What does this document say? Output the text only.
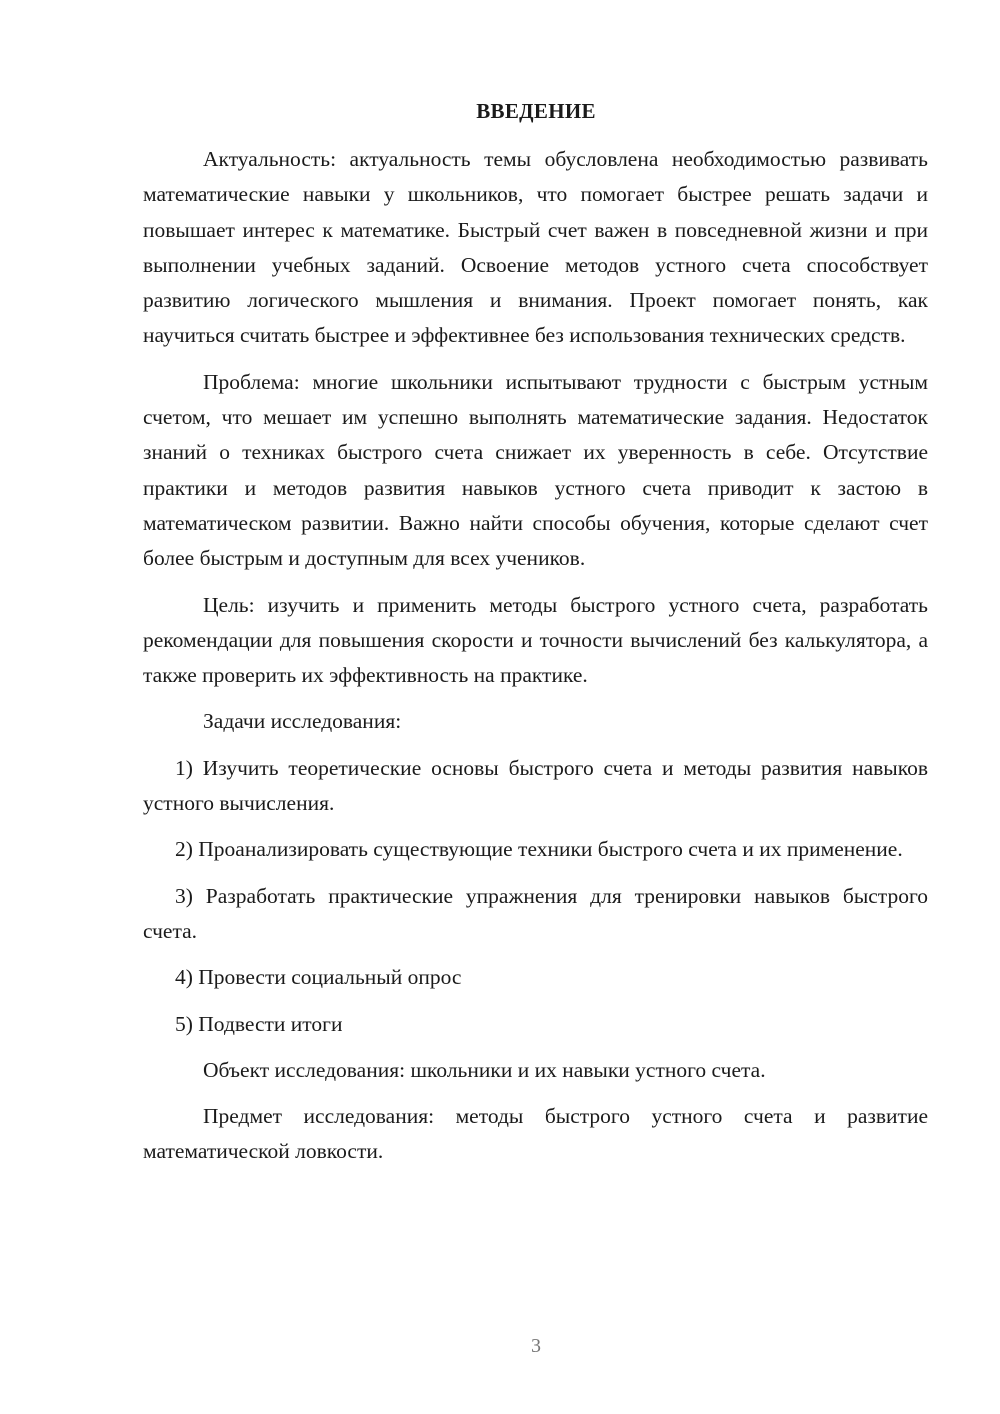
ВВЕДЕНИЕ

Актуальность: актуальность темы обусловлена необходимостью развивать математические навыки у школьников, что помогает быстрее решать задачи и повышает интерес к математике. Быстрый счет важен в повседневной жизни и при выполнении учебных заданий. Освоение методов устного счета способствует развитию логического мышления и внимания. Проект помогает понять, как научиться считать быстрее и эффективнее без использования технических средств.

Проблема: многие школьники испытывают трудности с быстрым устным счетом, что мешает им успешно выполнять математические задания. Недостаток знаний о техниках быстрого счета снижает их уверенность в себе. Отсутствие практики и методов развития навыков устного счета приводит к застою в математическом развитии. Важно найти способы обучения, которые сделают счет более быстрым и доступным для всех учеников.

Цель: изучить и применить методы быстрого устного счета, разработать рекомендации для повышения скорости и точности вычислений без калькулятора, а также проверить их эффективность на практике.

Задачи исследования:

1) Изучить теоретические основы быстрого счета и методы развития навыков устного вычисления.

2) Проанализировать существующие техники быстрого счета и их применение.

3) Разработать практические упражнения для тренировки навыков быстрого счета.

4) Провести социальный опрос

5) Подвести итоги

Объект исследования: школьники и их навыки устного счета.

Предмет исследования: методы быстрого устного счета и развитие математической ловкости.

3
